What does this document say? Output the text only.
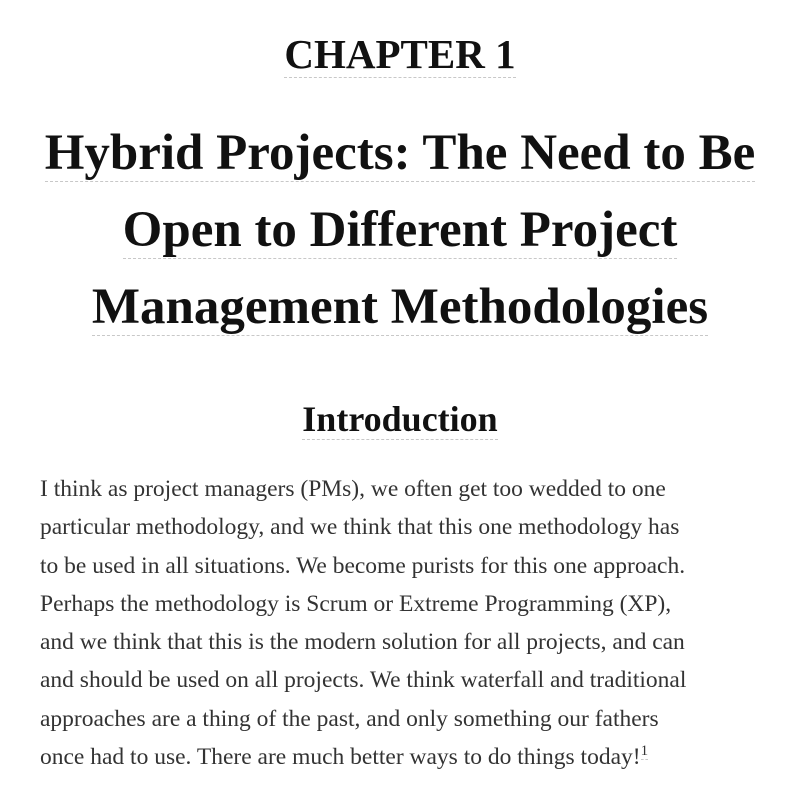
CHAPTER 1
Hybrid Projects: The Need to Be
Open to Different Project
Management Methodologies
Introduction

I think as project managers (PMs), we often get too wedded to one
particular methodology, and we think that this one methodology has
to be used in all situations. We become purists for this one approach.
Perhaps the methodology is Scrum or Extreme Programming (XP),
and we think that this is the modern solution for all projects, and can
and should be used on all projects. We think waterfall and traditional
approaches are a thing of the past, and only something our fathers
once had to use. There are much better ways to do things today!$^1$
